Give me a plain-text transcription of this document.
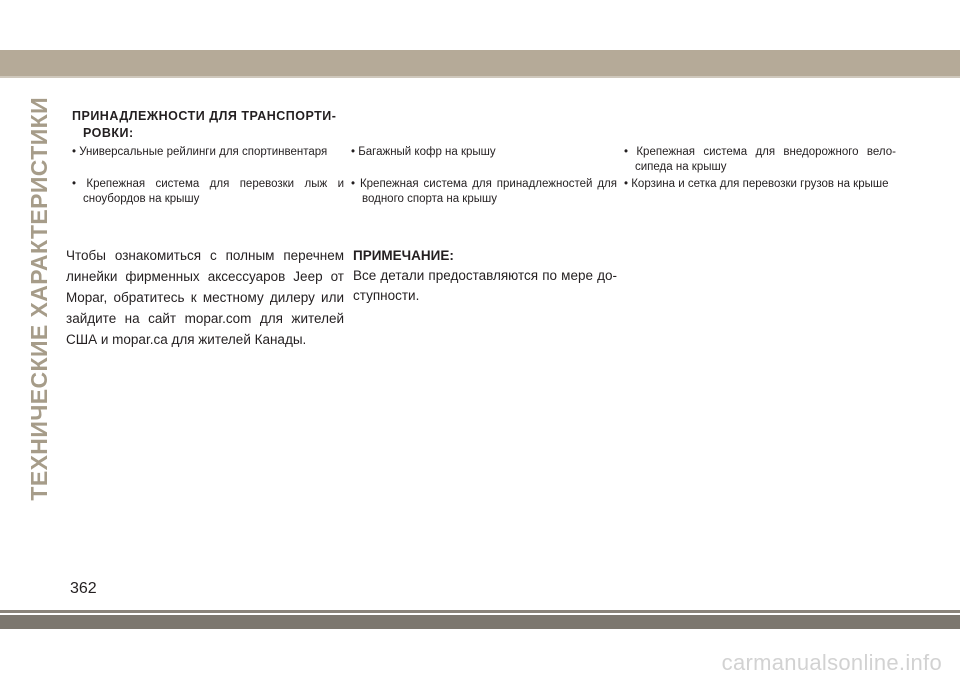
ТЕХНИЧЕСКИЕ ХАРАКТЕРИСТИКИ ПРИНАДЛЕЖНОСТИ ДЛЯ ТРАНСПОРТИ-
РОВКИ:
• Универсальные рейлинги для спортинвентаря	• Багажный кофр на крышу	• Крепежная система для внедорожного велосипеда на крышу
• Крепежная система для перевозки лыж и сноубордов на крышу
• Крепежная система для принадлежностей для водного спорта на крышу
• Корзина и сетка для перевозки грузов на крыше
Чтобы ознакомиться с полным перечнем линейки фирменных аксессуаров Jeep от Mopar, обратитесь к местному дилеру или зайдите на сайт mopar.com для жителей США и mopar.ca для жителей Канады.
ПРИМЕЧАНИЕ:
Все детали предоставляются по мере доступности.
362
carmanualsonline.info
